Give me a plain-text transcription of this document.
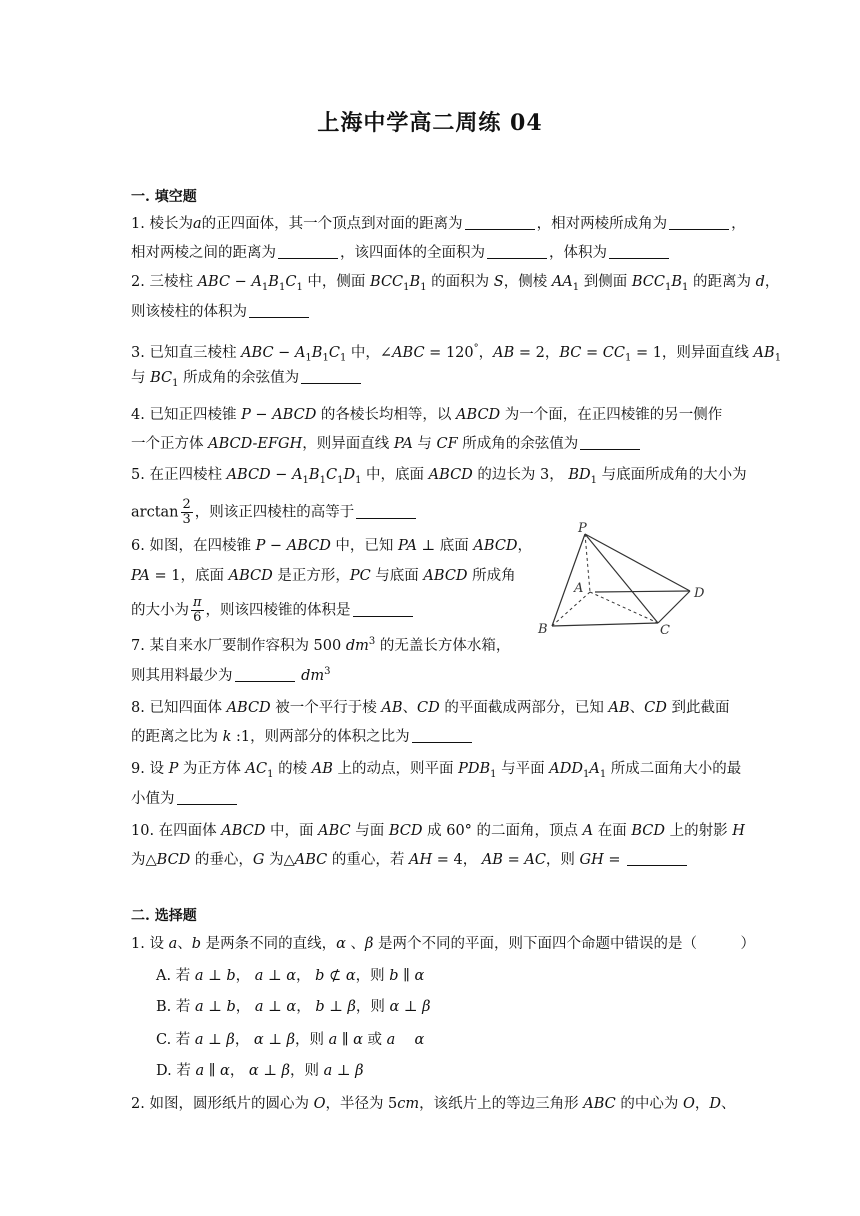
上海中学高二周练 04
一. 填空题
1. 棱长为a的正四面体，其一个顶点到对面的距离为	，相对两棱所成角为	，
相对两棱之间的距离为	，该四面体的全面积为	，体积为
2. 三棱柱 ABC − $A_1B_1C_1$ 中，侧面 $BCC_1B_1$ 的面积为 S，侧棱 $AA_1$ 到侧面 $BCC_1B_1$ 的距离为 d，
则该棱柱的体积为
3. 已知直三棱柱 ABC − $A_1B_1C_1$ 中，∠ABC = 120°，AB = 2，BC = $CC_1 = 1$，则异面直线 $AB_1$
与 $BC_1$ 所成角的余弦值为
4. 已知正四棱锥 P − ABCD 的各棱长均相等，以 ABCD 为一个面，在正四棱锥的另一侧作
一个正方体 ABCD-EFGH，则异面直线 PA 与 CF 所成角的余弦值为
5. 在正四棱柱 ABCD − $A_1B_1C_1D_1$ 中，底面 ABCD 的边长为 3， $BD_1$ 与底面所成角的大小为
$\arctan \frac{2}{3}$ ，则该正四棱柱的高等于
6. 如图，在四棱锥 P − ABCD 中，已知 PA ⊥ 底面 ABCD，
PA = 1，底面 ABCD 是正方形，PC 与底面 ABCD 所成角
的大小为 $\frac{\pi}{6}$ ，则该四棱锥的体积是
P
A	D
B	C
7. 某自来水厂要制作容积为 500 $dm^3$ 的无盖长方体水箱，
则其用料最少为	$dm^3$
8. 已知四面体 ABCD 被一个平行于棱 AB、CD 的平面截成两部分，已知 AB、CD 到此截面
的距离之比为 k :1，则两部分的体积之比为
9. 设 P 为正方体 $AC_1$ 的棱 AB 上的动点，则平面 $PDB_1$ 与平面 $ADD_1A_1$ 所成二面角大小的最
小值为
10. 在四面体 ABCD 中，面 ABC 与面 BCD 成 60° 的二面角，顶点 A 在面 BCD 上的射影 H
为△BCD 的垂心，G 为△ABC 的重心，若 AH = 4， AB = AC，则 GH =
二. 选择题
1. 设 a、b 是两条不同的直线，α 、β 是两个不同的平面，则下面四个命题中错误的是（　　　）
A. 若 a ⊥ b， a ⊥ α， b ⊄ α，则 b ∥ α
B. 若 a ⊥ b， a ⊥ α， b ⊥ β，则 α ⊥ β
C. 若 a ⊥ β， α ⊥ β，则 a ∥ α 或 a　 α
D. 若 a ∥ α， α ⊥ β，则 a ⊥ β
2. 如图，圆形纸片的圆心为 O，半径为 5cm，该纸片上的等边三角形 ABC 的中心为 O，D、
